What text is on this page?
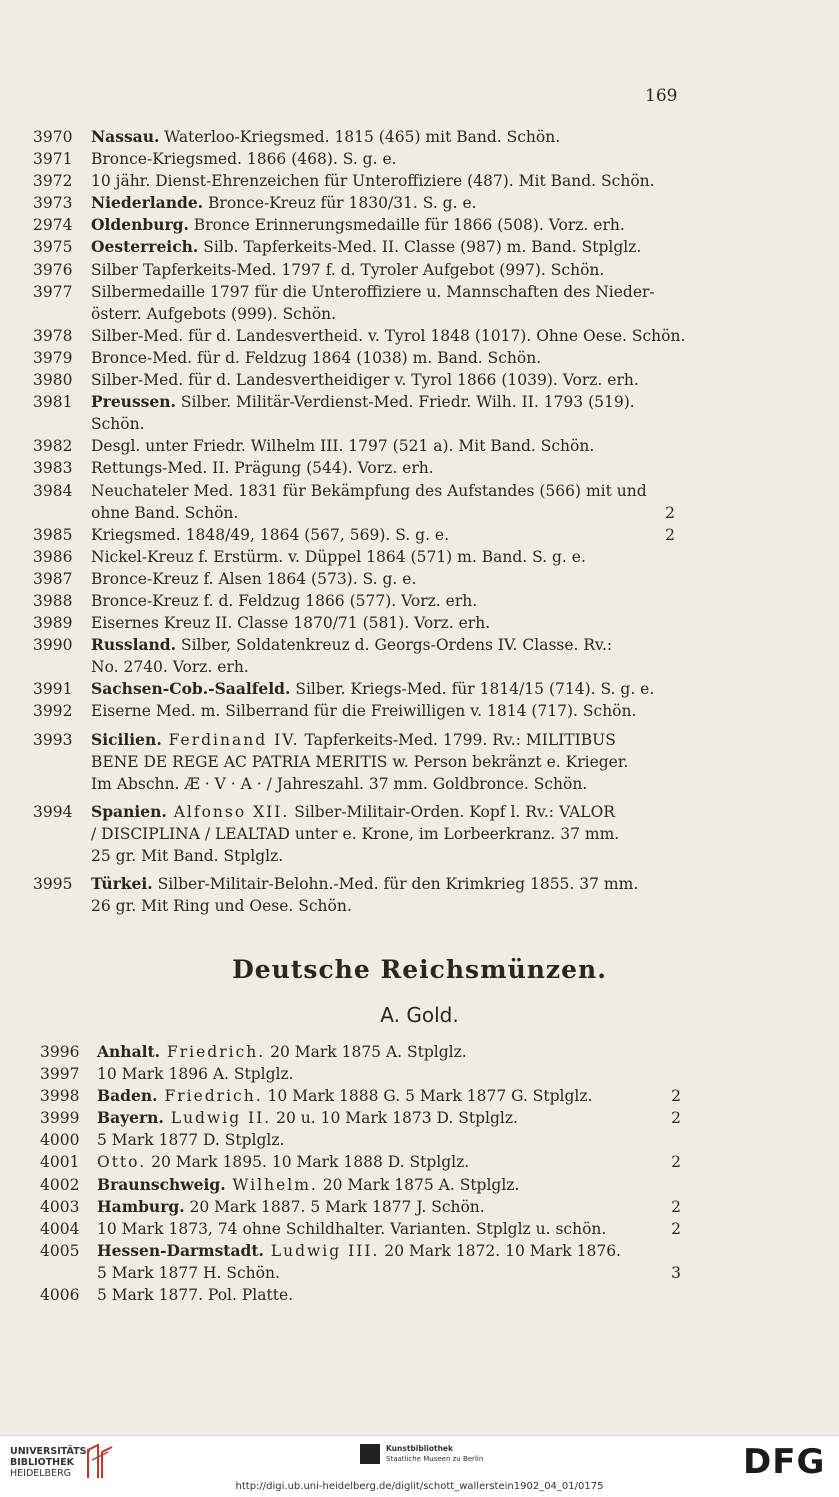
169
3970 Nassau. Waterloo-Kriegsmed. 1815 (465) mit Band. Schön.
3971 Bronce-Kriegsmed. 1866 (468). S. g. e.
3972 10 jähr. Dienst-Ehrenzeichen für Unteroffiziere (487). Mit Band. Schön.
3973 Niederlande. Bronce-Kreuz für 1830/31. S. g. e.
2974 Oldenburg. Bronce Erinnerungsmedaille für 1866 (508). Vorz. erh.
3975 Oesterreich. Silb. Tapferkeits-Med. II. Classe (987) m. Band. Stplglz.
3976 Silber Tapferkeits-Med. 1797 f. d. Tyroler Aufgebot (997). Schön.
3977 Silbermedaille 1797 für die Unteroffiziere u. Mannschaften des Nieder-
österr. Aufgebots (999). Schön.
3978 Silber-Med. für d. Landesvertheid. v. Tyrol 1848 (1017). Ohne Oese. Schön.
3979 Bronce-Med. für d. Feldzug 1864 (1038) m. Band. Schön.
3980 Silber-Med. für d. Landesvertheidiger v. Tyrol 1866 (1039). Vorz. erh.
3981 Preussen. Silber. Militär-Verdienst-Med. Friedr. Wilh. II. 1793 (519).
Schön.
3982 Desgl. unter Friedr. Wilhelm III. 1797 (521 a). Mit Band. Schön.
3983 Rettungs-Med. II. Prägung (544). Vorz. erh.
3984 Neuchateler Med. 1831 für Bekämpfung des Aufstandes (566) mit und
ohne Band. Schön.	2
3985 Kriegsmed. 1848/49, 1864 (567, 569). S. g. e.	2
3986 Nickel-Kreuz f. Erstürm. v. Düppel 1864 (571) m. Band. S. g. e.
3987 Bronce-Kreuz f. Alsen 1864 (573). S. g. e.
3988 Bronce-Kreuz f. d. Feldzug 1866 (577). Vorz. erh.
3989 Eisernes Kreuz II. Classe 1870/71 (581). Vorz. erh.
3990 Russland. Silber, Soldatenkreuz d. Georgs-Ordens IV. Classe. Rv.:
No. 2740. Vorz. erh.
3991 Sachsen-Cob.-Saalfeld. Silber. Kriegs-Med. für 1814/15 (714). S. g. e.
3992 Eiserne Med. m. Silberrand für die Freiwilligen v. 1814 (717). Schön.
3993 Sicilien. Ferdinand IV. Tapferkeits-Med. 1799. Rv.: MILITIBUS
BENE DE REGE AC PATRIA MERITIS w. Person bekränzt e. Krieger.
Im Abschn. Æ · V · A · / Jahreszahl. 37 mm. Goldbronce. Schön.
3994 Spanien. Alfonso XII. Silber-Militair-Orden. Kopf l. Rv.: VALOR
/ DISCIPLINA / LEALTAD unter e. Krone, im Lorbeerkranz. 37 mm.
25 gr. Mit Band. Stplglz.
3995 Türkei. Silber-Militair-Belohn.-Med. für den Krimkrieg 1855. 37 mm.
26 gr. Mit Ring und Oese. Schön.
Deutsche Reichsmünzen.
A. Gold.
3996 Anhalt. Friedrich. 20 Mark 1875 A. Stplglz.
3997 10 Mark 1896 A. Stplglz.
3998 Baden. Friedrich. 10 Mark 1888 G. 5 Mark 1877 G. Stplglz.	2
3999 Bayern. Ludwig II. 20 u. 10 Mark 1873 D. Stplglz.	2
4000 5 Mark 1877 D. Stplglz.
4001 Otto. 20 Mark 1895. 10 Mark 1888 D. Stplglz.	2
4002 Braunschweig. Wilhelm. 20 Mark 1875 A. Stplglz.
4003 Hamburg. 20 Mark 1887. 5 Mark 1877 J. Schön.	2
4004 10 Mark 1873, 74 ohne Schildhalter. Varianten. Stplglz u. schön.	2
4005 Hessen-Darmstadt. Ludwig III. 20 Mark 1872. 10 Mark 1876.
5 Mark 1877 H. Schön.	3
4006 5 Mark 1877. Pol. Platte.
UNIVERSITÄTS-
BIBLIOTHEK
HEIDELBERG
Kunstbibliothek
Staatliche Museen zu Berlin	DFG
http://digi.ub.uni-heidelberg.de/diglit/schott_wallerstein1902_04_01/0175
